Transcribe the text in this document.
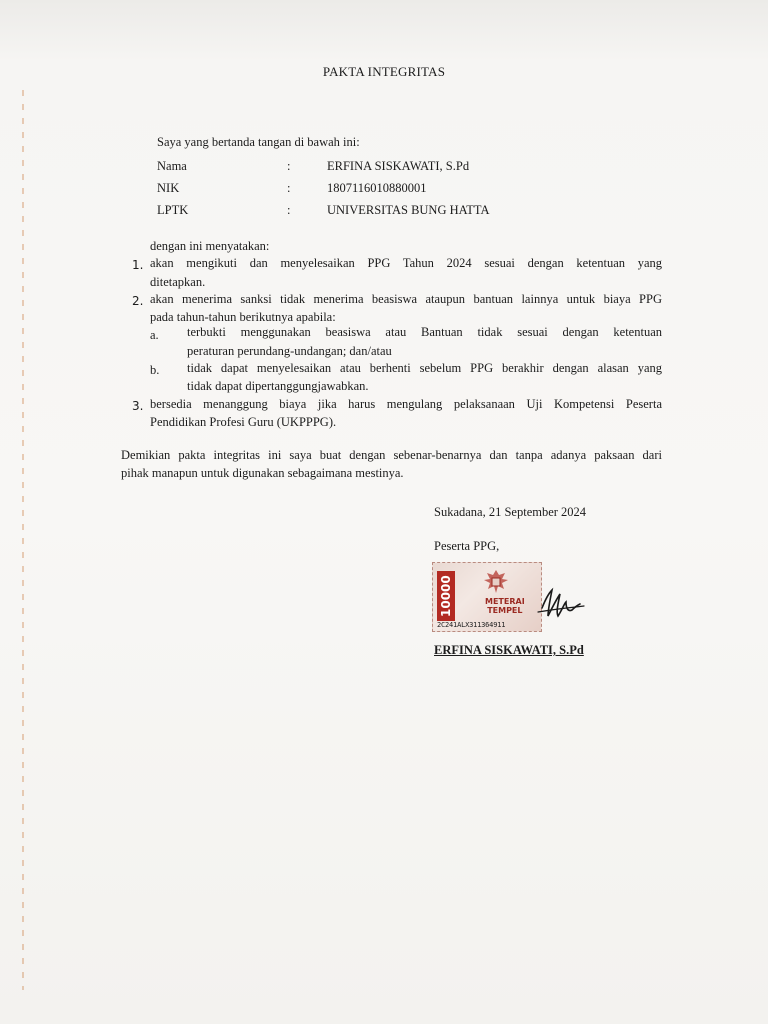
PAKTA INTEGRITAS
Saya yang bertanda tangan di bawah ini:
Nama	:	ERFINA SISKAWATI, S.Pd
NIK	:	1807116010880001
LPTK	:	UNIVERSITAS BUNG HATTA
dengan ini menyatakan:
1. akan mengikuti dan menyelesaikan PPG Tahun 2024 sesuai dengan ketentuan yang
ditetapkan.
2. akan menerima sanksi tidak menerima beasiswa ataupun bantuan lainnya untuk biaya PPG
pada tahun-tahun berikutnya apabila:
a. terbukti menggunakan beasiswa atau Bantuan tidak sesuai dengan ketentuan
peraturan perundang-undangan; dan/atau
b. tidak dapat menyelesaikan atau berhenti sebelum PPG berakhir dengan alasan yang
tidak dapat dipertanggungjawabkan.
3. bersedia menanggung biaya jika harus mengulang pelaksanaan Uji Kompetensi Peserta
Pendidikan Profesi Guru (UKPPPG).
Demikian pakta integritas ini saya buat dengan sebenar-benarnya dan tanpa adanya paksaan dari
pihak manapun untuk digunakan sebagaimana mestinya.
Sukadana, 21 September 2024
Peserta PPG,
10000	METERAI
TEMPEL
2C241ALX311364911
ERFINA SISKAWATI, S.Pd
